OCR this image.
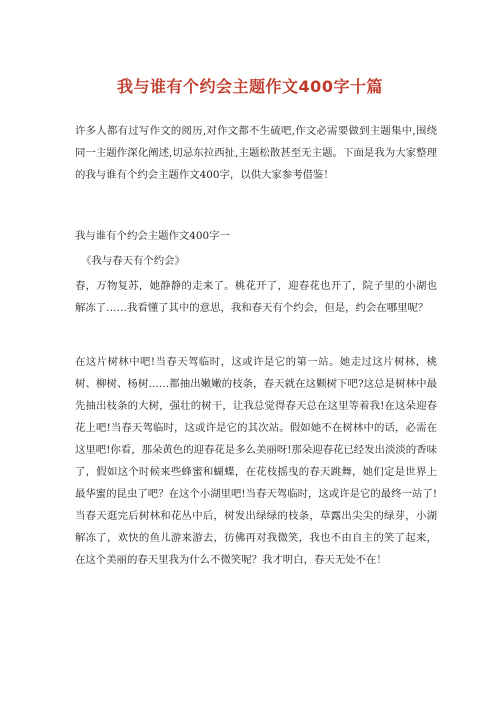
我与谁有个约会主题作文400字十篇

许多人都有过写作文的阅历,对作文都不生硫吧,作文必需要做到主题集中,围绕同一主题作深化阐述,切忌东拉西扯,主题松散甚至无主题。下面是我为大家整理的我与谁有个约会主题作文400字，以供大家参考借鉴！

我与谁有个约会主题作文400字一

《我与春天有个约会》

春，万物复苏，她静静的走来了。桃花开了，迎春花也开了，院子里的小湖也解冻了……我看懂了其中的意思，我和春天有个约会，但是，约会在哪里呢？

在这片树林中吧!当春天驾临时，这或许是它的第一站。她走过这片树林，桃树、柳树、杨树……都抽出嫩嫩的枝条，春天就在这颗树下吧?这总是树林中最先抽出枝条的大树，强壮的树干，让我总觉得春天总在这里等着我!在这朵迎春花上吧!当春天驾临时，这或许是它的其次站。假如她不在树林中的话，必需在这里吧!你看，那朵黄色的迎春花是多么美丽呀!那朵迎春花已经发出淡淡的香味了，假如这个时候来些蜂蜜和蝴蝶，在花枝摇曳的春天跳舞，她们定是世界上最华蜜的昆虫了吧？在这个小湖里吧!当春天驾临时，这或许是它的最终一站了!当春天逛完后树林和花丛中后，树发出绿绿的枝条，草露出尖尖的绿芽，小湖解冻了，欢快的鱼儿游来游去，彷佛再对我微笑，我也不由自主的笑了起来，在这个美丽的春天里我为什么不微笑呢？我才明白，春天无处不在！
